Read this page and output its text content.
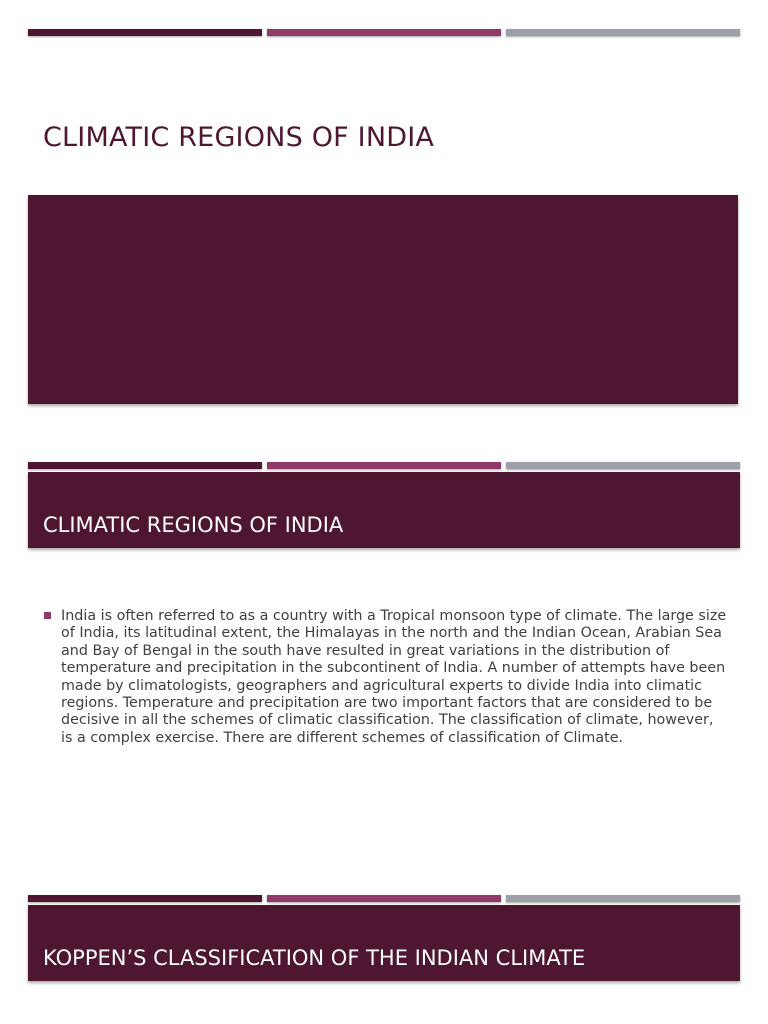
CLIMATIC REGIONS OF INDIA
CLIMATIC REGIONS OF INDIA
India is often referred to as a country with a Tropical monsoon type of climate. The large size of India, its latitudinal extent, the Himalayas in the north and the Indian Ocean, Arabian Sea and Bay of Bengal in the south have resulted in great variations in the distribution of temperature and precipitation in the subcontinent of India. A number of attempts have been made by climatologists, geographers and agricultural experts to divide India into climatic regions. Temperature and precipitation are two important factors that are considered to be decisive in all the schemes of climatic classification. The classification of climate, however, is a complex exercise. There are different schemes of classification of Climate.
KOPPEN’S CLASSIFICATION OF THE INDIAN CLIMATE
